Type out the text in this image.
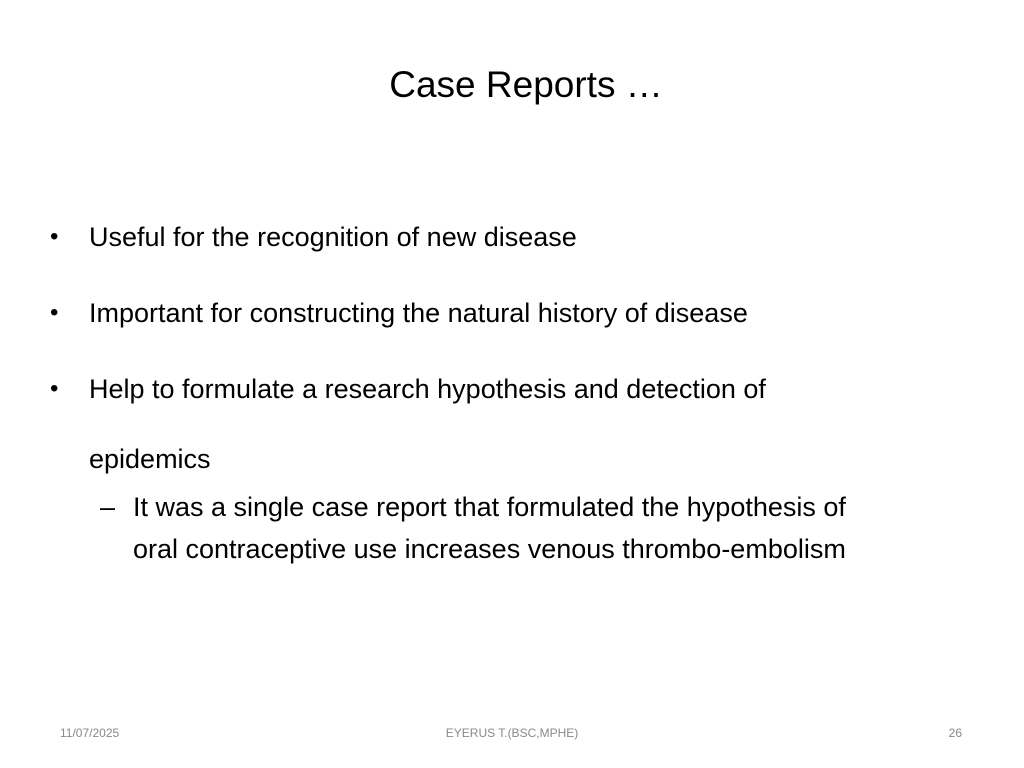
Case Reports …
•	Useful for the recognition of new disease
•	Important for constructing the natural history of disease
•	Help to formulate a research hypothesis and detection of
epidemics
– It was a single case report that formulated the hypothesis of
oral contraceptive use increases venous thrombo-embolism
11/07/2025	EYERUS T.(BSC,MPHE)	26
